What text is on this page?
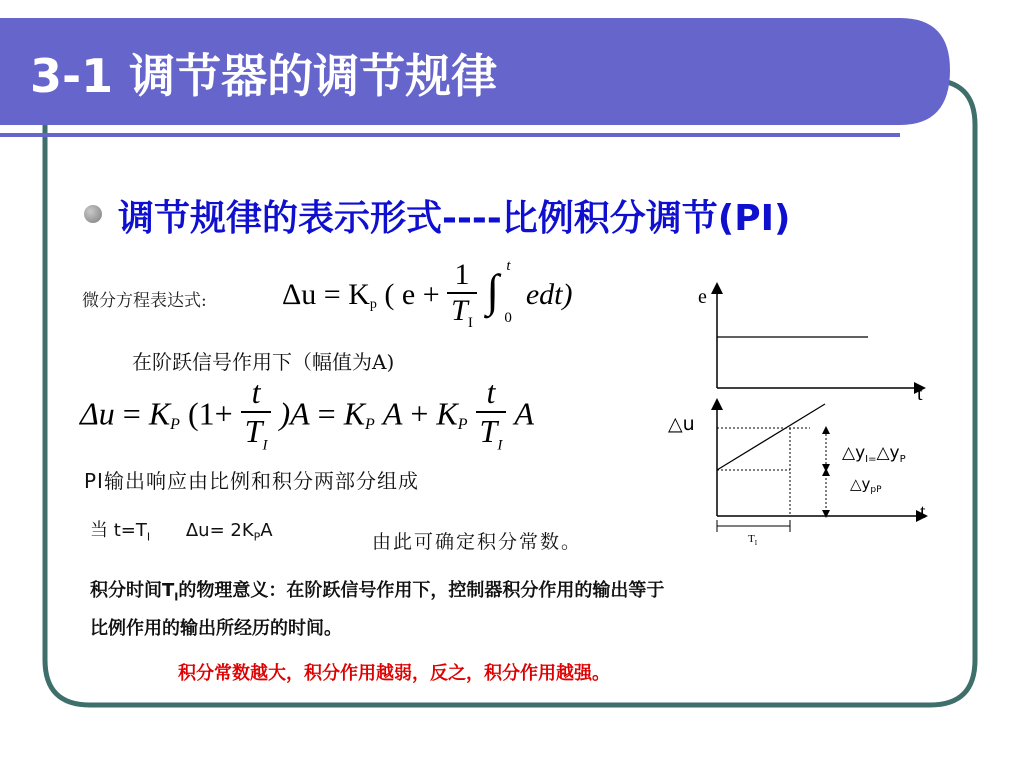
3-1 调节器的调节规律
调节规律的表示形式----比例积分调节(PI)
微分方程表达式:	$\Delta u = K_p$ ( $e + \frac{1}{T_I}$
∫ t
0
edt)
在阶跃信号作用下（幅值为A)
$\Delta u = K_P$ $(1+ \frac{t}{T_I} )A = K_P$ $A + K_P \frac{t}{T_I}$ A
PI输出响应由比例和积分两部分组成
当 $t=T_I$ $\Delta u= 2K_PA$
由此可确定积分常数。
积分时间$T_I$的物理意义：在阶跃信号作用下，控制器积分作用的输出等于
比例作用的输出所经历的时间。
积分常数越大，积分作用越弱，反之，积分作用越强。
e
t
△u
t
$T_I$
$\triangle y_{I=}\triangle y_P$
$\triangle y_{pP}$
